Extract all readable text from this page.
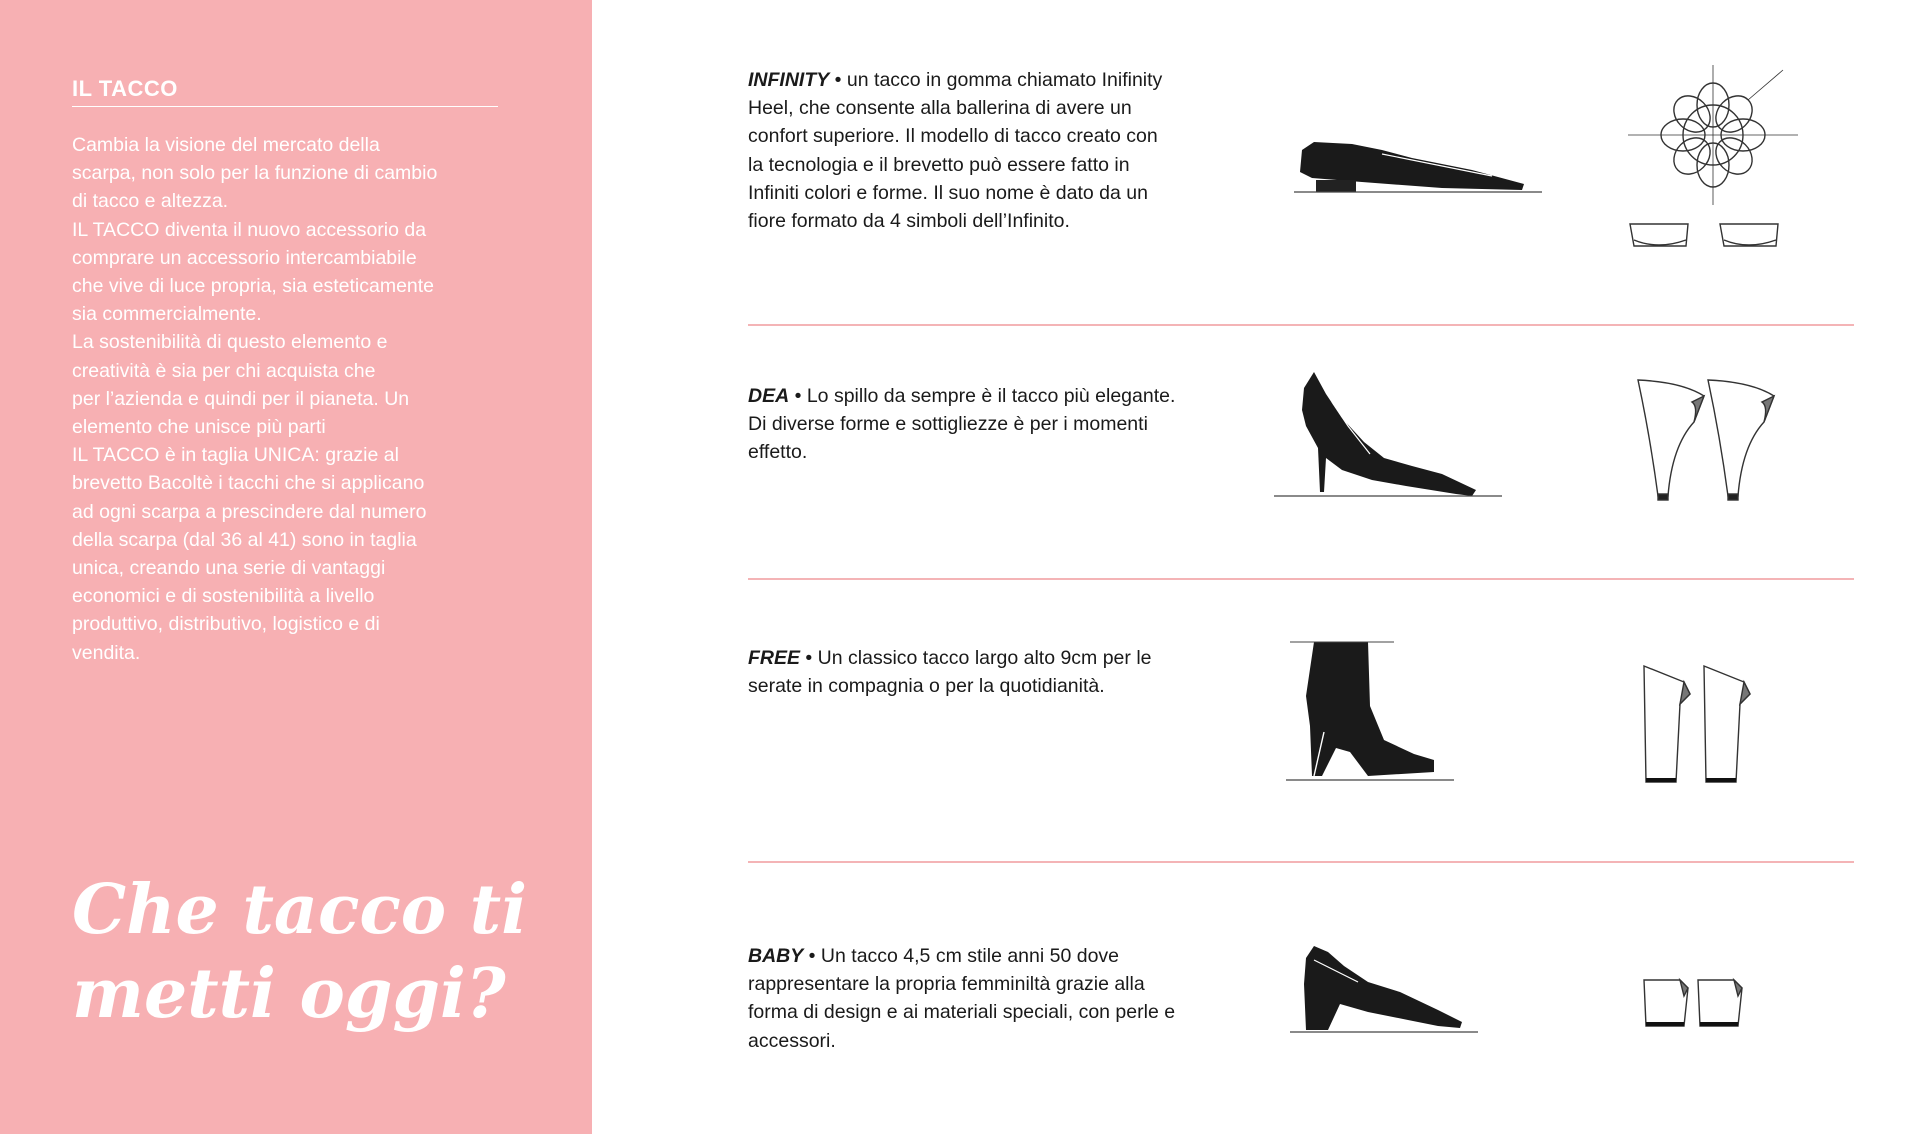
IL TACCO
Cambia la visione del mercato della
scarpa, non solo per la funzione di cambio
di tacco e altezza.
IL TACCO diventa il nuovo accessorio da
comprare un accessorio intercambiabile
che vive di luce propria, sia esteticamente
sia commercialmente.
La sostenibilità di questo elemento e
creatività è sia per chi acquista che
per l’azienda e quindi per il pianeta. Un
elemento che unisce più parti
IL TACCO è in taglia UNICA: grazie al
brevetto Bacoltè i tacchi che si applicano
ad ogni scarpa a prescindere dal numero
della scarpa (dal 36 al 41) sono in taglia
unica, creando una serie di vantaggi
economici e di sostenibilità a livello
produttivo, distributivo, logistico e di
vendita.
Che tacco ti metti oggi?
INFINITY • un tacco in gomma chiamato Inifinity Heel, che consente alla ballerina di avere un confort superiore. Il modello di tacco creato con la tecnologia e il brevetto può essere fatto in Infiniti colori e forme. Il suo nome è dato da un fiore formato da 4 simboli dell’Infinito.
DEA • Lo spillo da sempre è il tacco più elegante. Di diverse forme e sottigliezze è per i momenti effetto.
FREE • Un classico tacco largo alto 9cm per le serate in compagnia o per la quotidianità.
BABY • Un tacco 4,5 cm stile anni 50 dove rappresentare la propria femminiltà grazie alla forma di design e ai materiali speciali, con perle e accessori.
